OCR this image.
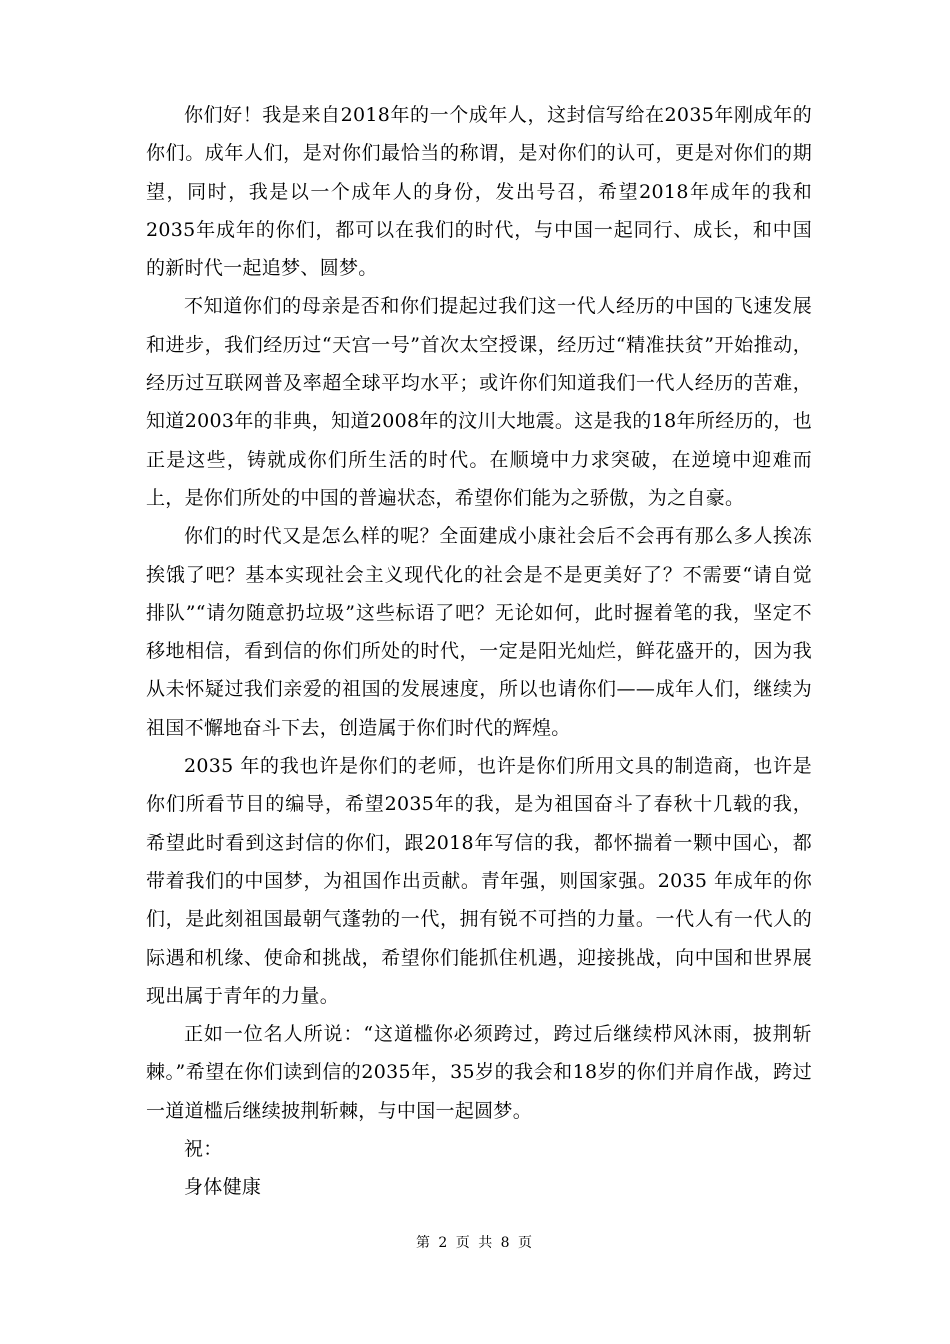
你们好！我是来自2018年的一个成年人，这封信写给在2035年刚成年的你们。成年人们，是对你们最恰当的称谓，是对你们的认可，更是对你们的期望，同时，我是以一个成年人的身份，发出号召，希望2018年成年的我和2035年成年的你们，都可以在我们的时代，与中国一起同行、成长，和中国的新时代一起追梦、圆梦。

不知道你们的母亲是否和你们提起过我们这一代人经历的中国的飞速发展和进步，我们经历过“天宫一号”首次太空授课，经历过“精准扶贫”开始推动，经历过互联网普及率超全球平均水平；或许你们知道我们一代人经历的苦难，知道2003年的非典，知道2008年的汶川大地震。这是我的18年所经历的，也正是这些，铸就成你们所生活的时代。在顺境中力求突破，在逆境中迎难而上，是你们所处的中国的普遍状态，希望你们能为之骄傲，为之自豪。

你们的时代又是怎么样的呢？全面建成小康社会后不会再有那么多人挨冻挨饿了吧？基本实现社会主义现代化的社会是不是更美好了？不需要“请自觉排队”“请勿随意扔垃圾”这些标语了吧？无论如何，此时握着笔的我，坚定不移地相信，看到信的你们所处的时代，一定是阳光灿烂，鲜花盛开的，因为我从未怀疑过我们亲爱的祖国的发展速度，所以也请你们——成年人们，继续为祖国不懈地奋斗下去，创造属于你们时代的辉煌。

2035 年的我也许是你们的老师，也许是你们所用文具的制造商，也许是你们所看节目的编导，希望2035年的我，是为祖国奋斗了春秋十几载的我，希望此时看到这封信的你们，跟2018年写信的我，都怀揣着一颗中国心，都带着我们的中国梦，为祖国作出贡献。青年强，则国家强。2035 年成年的你们，是此刻祖国最朝气蓬勃的一代，拥有锐不可挡的力量。一代人有一代人的际遇和机缘、使命和挑战，希望你们能抓住机遇，迎接挑战，向中国和世界展现出属于青年的力量。

正如一位名人所说：“这道槛你必须跨过，跨过后继续栉风沐雨，披荆斩棘。”希望在你们读到信的2035年，35岁的我会和18岁的你们并肩作战，跨过一道道槛后继续披荆斩棘，与中国一起圆梦。

祝：

身体健康

第 2 页 共 8 页
